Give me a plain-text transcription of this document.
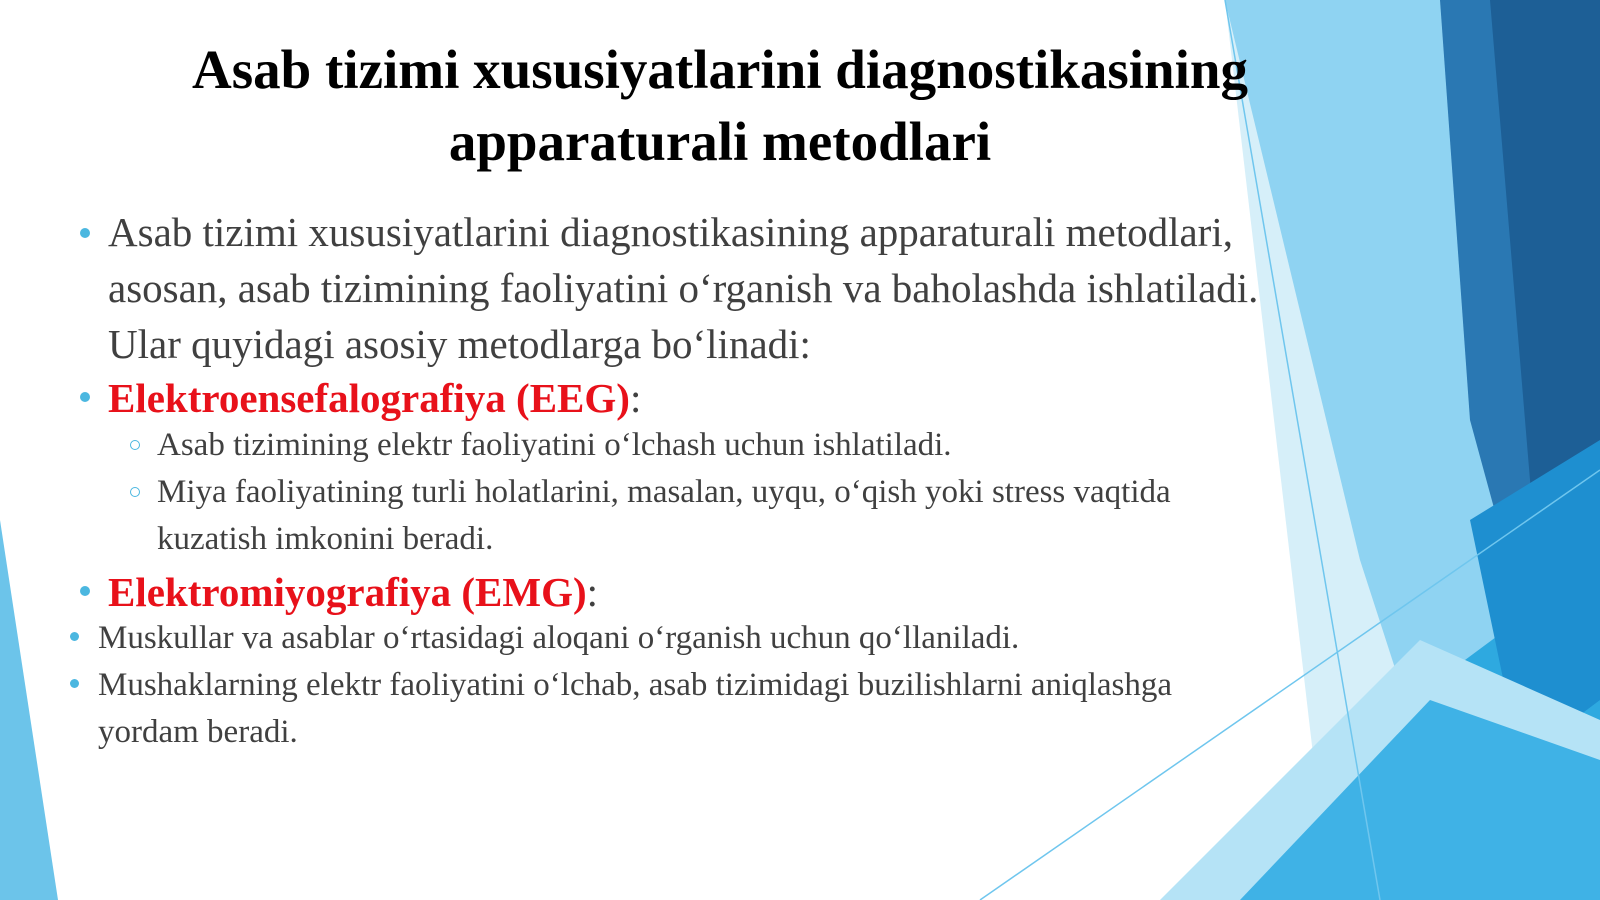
Asab tizimi xususiyatlarini diagnostikasining
apparaturali metodlari
Asab tizimi xususiyatlarini diagnostikasining apparaturali metodlari,
asosan, asab tizimining faoliyatini o‘rganish va baholashda ishlatiladi.
Ular quyidagi asosiy metodlarga bo‘linadi:
Elektroensefalografiya (EEG):
Asab tizimining elektr faoliyatini o‘lchash uchun ishlatiladi.
Miya faoliyatining turli holatlarini, masalan, uyqu, o‘qish yoki stress vaqtida
kuzatish imkonini beradi.
Elektromiyografiya (EMG):
Muskullar va asablar o‘rtasidagi aloqani o‘rganish uchun qo‘llaniladi.
Mushaklarning elektr faoliyatini o‘lchab, asab tizimidagi buzilishlarni aniqlashga
yordam beradi.
